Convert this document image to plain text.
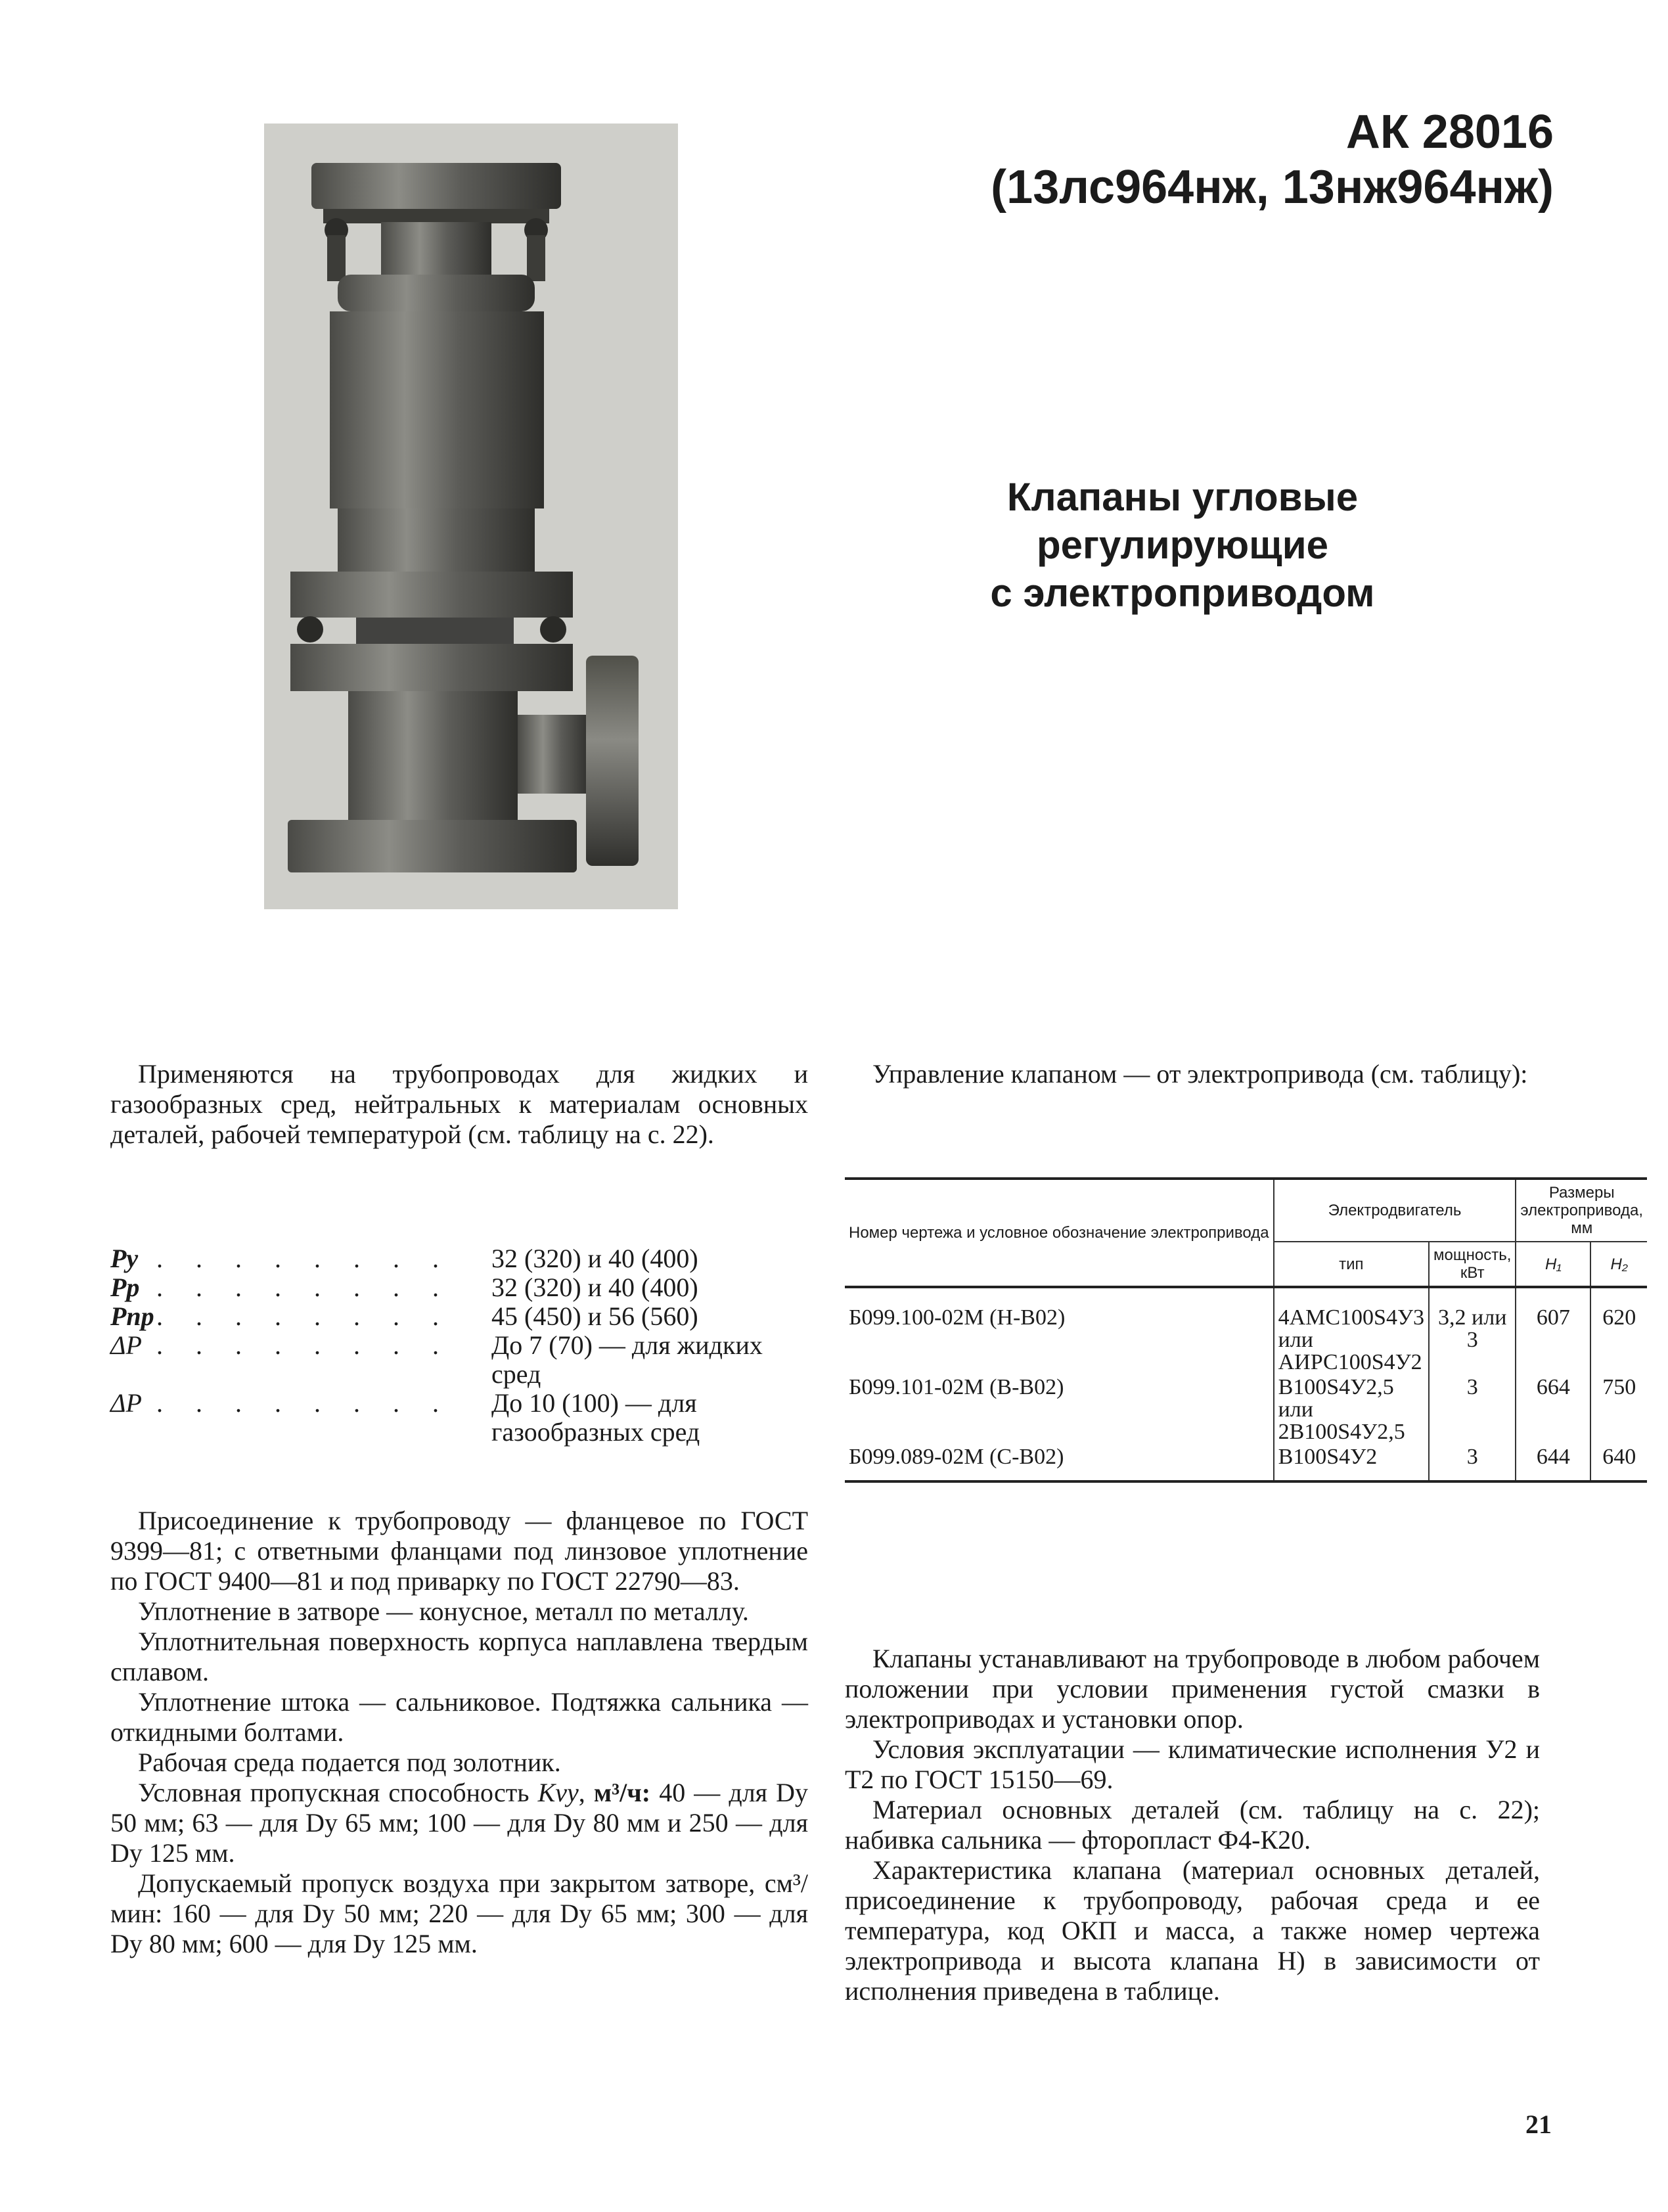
АК 28016
(13лс964нж, 13нж964нж)
Клапаны угловые
регулирующие
с электроприводом

Применяются на трубопроводах для жидких и газообразных сред, нейтральных к материалам основных деталей, рабочей температурой (см. таблицу на с. 22).

Pу . . . . . . . .	32 (320) и 40 (400)
Pр . . . . . . . .	32 (320) и 40 (400)
Pпр . . . . . . . .	45 (450) и 56 (560)
ΔP . . . . . . . .	До 7 (70) — для жидких сред
ΔP . . . . . . . .	До 10 (100) — для газообразных сред

Присоединение к трубопроводу — фланцевое по ГОСТ 9399—81; с ответными фланцами под линзовое уплотнение по ГОСТ 9400—81 и под приварку по ГОСТ 22790—83.

Уплотнение в затворе — конусное, металл по металлу.

Уплотнительная поверхность корпуса наплавлена твердым сплавом.

Уплотнение штока — сальниковое. Подтяжка сальника — откидными болтами.

Рабочая среда подается под золотник.

Условная пропускная способность Kvу, м³/ч: 40 — для Dу 50 мм; 63 — для Dу 65 мм; 100 — для Dу 80 мм и 250 — для Dу 125 мм.

Допускаемый пропуск воздуха при закрытом затворе, см³/мин: 160 — для Dу 50 мм; 220 — для Dу 65 мм; 300 — для Dу 80 мм; 600 — для Dу 125 мм.

Управление клапаном — от электропривода (см. таблицу):

Номер чертежа и условное обозначение электропривода	Электродвигатель		Размеры электропривода, мм	
	тип	мощность, кВт	H₁	H₂
Б099.100-02М (Н-В02)	4АМС100S4У3 или АИРС100S4У2	3,2 или 3	607	620
Б099.101-02М (В-В02)	В100S4У2,5 или 2В100S4У2,5	3	664	750
Б099.089-02М (С-В02)	В100S4У2	3	644	640

Клапаны устанавливают на трубопроводе в любом рабочем положении при условии применения густой смазки в электроприводах и установки опор.

Условия эксплуатации — климатические исполнения У2 и Т2 по ГОСТ 15150—69.

Материал основных деталей (см. таблицу на с. 22); набивка сальника — фторопласт Ф4-К20.

Характеристика клапана (материал основных деталей, присоединение к трубопроводу, рабочая среда и ее температура, код ОКП и масса, а также номер чертежа электропривода и высота клапана Н) в зависимости от исполнения приведена в таблице.

21
